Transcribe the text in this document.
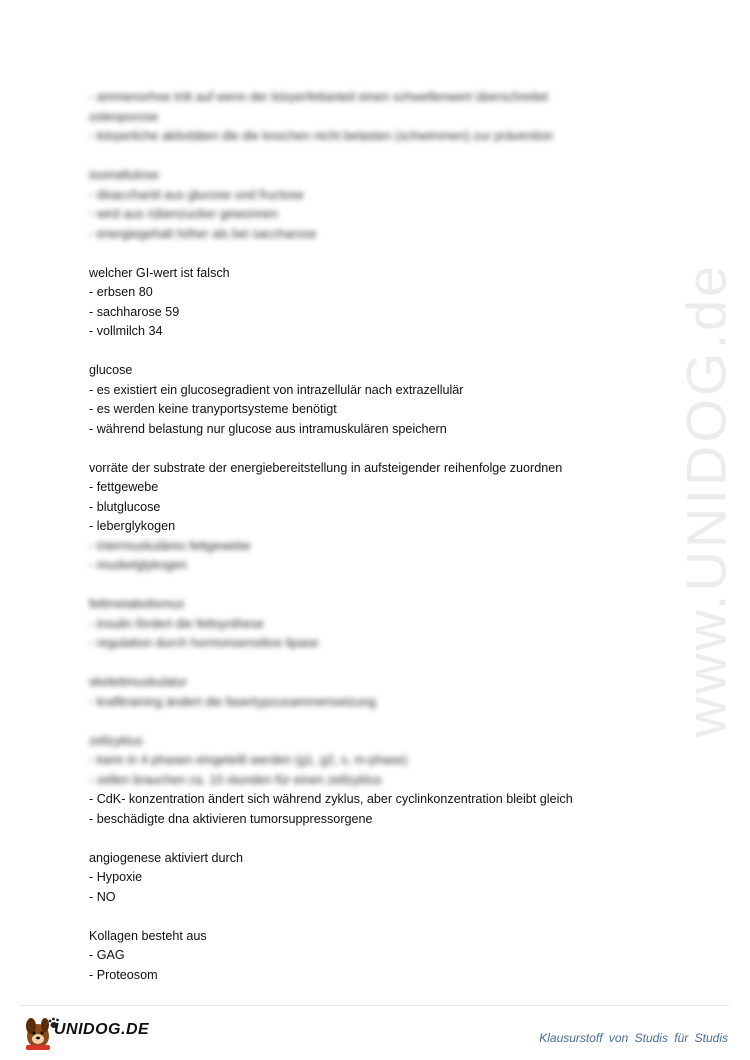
www.UNIDOG.de
- ammenorhoe tritt auf wenn der körperfettanteil einen schwellenwert überschreitet
osteoporose
- körperliche aktivitäten die die knochen nicht belasten (schwimmen) zur prävention
isomaltulose
- disaccharid aus glucose und fructose
- wird aus rübenzucker gewonnen
- energiegehalt höher als bei saccharose
welcher GI-wert ist falsch
- erbsen 80
- sachharose 59
- vollmilch 34
glucose
- es existiert ein glucosegradient von intrazellulär nach extrazellulär
- es werden keine tranyportsysteme benötigt
- während belastung nur glucose aus intramuskulären speichern
vorräte der substrate der energiebereitstellung in aufsteigender reihenfolge zuordnen
- fettgewebe
- blutglucose
- leberglykogen
- intermuskuläres fettgewebe
- muskelglykogen
fettmetabolismus
- insulin fördert die fettsynthese
- regulation durch hormonsensitive lipase
skelettmuskulatur
- krafttraining ändert die fasertypzusammensetzung
zellzyklus
- kann in 4 phasen eingeteilt werden (g1, g2, s, m-phase)
- zellen brauchen ca. 10 stunden für einen zellzyklus
- CdK- konzentration ändert sich während zyklus, aber cyclinkonzentration bleibt gleich
- beschädigte dna aktivieren tumorsuppressorgene
angiogenese aktiviert durch
- Hypoxie
- NO
Kollagen besteht aus
- GAG
- Proteosom
UNIDOG.DE	Klausurstoff von Studis für Studis
